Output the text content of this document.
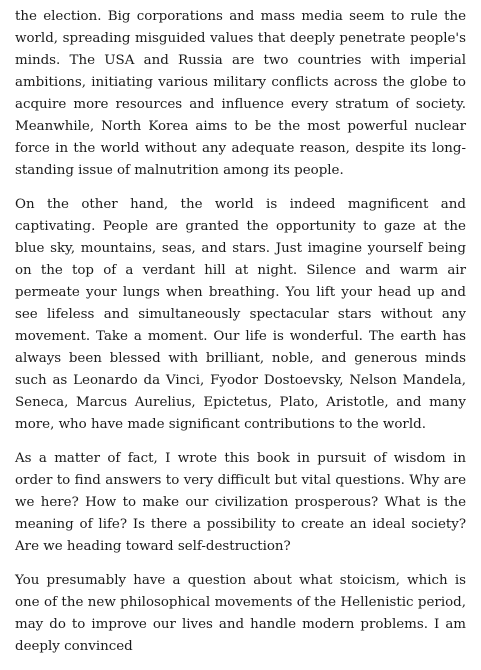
the election. Big corporations and mass media seem to rule the world, spreading misguided values that deeply penetrate people's minds. The USA and Russia are two countries with imperial ambitions, initiating various military conflicts across the globe to acquire more resources and influence every stratum of society. Meanwhile, North Korea aims to be the most powerful nuclear force in the world without any adequate reason, despite its long-standing issue of malnutrition among its people.

On the other hand, the world is indeed magnificent and captivating. People are granted the opportunity to gaze at the blue sky, mountains, seas, and stars. Just imagine yourself being on the top of a verdant hill at night. Silence and warm air permeate your lungs when breathing. You lift your head up and see lifeless and simultaneously spectacular stars without any movement. Take a moment. Our life is wonderful. The earth has always been blessed with brilliant, noble, and generous minds such as Leonardo da Vinci, Fyodor Dostoevsky, Nelson Mandela, Seneca, Marcus Aurelius, Epictetus, Plato, Aristotle, and many more, who have made significant contributions to the world.

As a matter of fact, I wrote this book in pursuit of wisdom in order to find answers to very difficult but vital questions. Why are we here? How to make our civilization prosperous? What is the meaning of life? Is there a possibility to create an ideal society? Are we heading toward self-destruction?

You presumably have a question about what stoicism, which is one of the new philosophical movements of the Hellenistic period, may do to improve our lives and handle modern problems. I am deeply convinced
